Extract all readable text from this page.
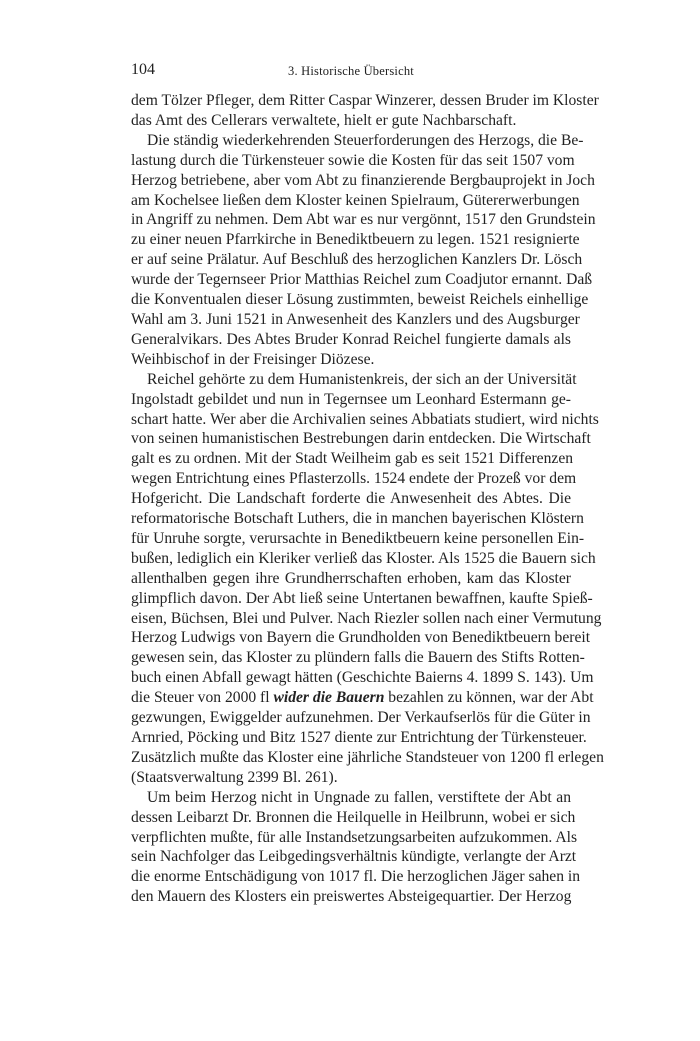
104	3. Historische Übersicht
dem Tölzer Pfleger, dem Ritter Caspar Winzerer, dessen Bruder im Kloster
das Amt des Cellerars verwaltete, hielt er gute Nachbarschaft.
Die ständig wiederkehrenden Steuerforderungen des Herzogs, die Be-
lastung durch die Türkensteuer sowie die Kosten für das seit 1507 vom
Herzog betriebene, aber vom Abt zu finanzierende Bergbauprojekt in Joch
am Kochelsee ließen dem Kloster keinen Spielraum, Gütererwerbungen
in Angriff zu nehmen. Dem Abt war es nur vergönnt, 1517 den Grundstein
zu einer neuen Pfarrkirche in Benediktbeuern zu legen. 1521 resignierte
er auf seine Prälatur. Auf Beschluß des herzoglichen Kanzlers Dr. Lösch
wurde der Tegernseer Prior Matthias Reichel zum Coadjutor ernannt. Daß
die Konventualen dieser Lösung zustimmten, beweist Reichels einhellige
Wahl am 3. Juni 1521 in Anwesenheit des Kanzlers und des Augsburger
Generalvikars. Des Abtes Bruder Konrad Reichel fungierte damals als
Weihbischof in der Freisinger Diözese.
Reichel gehörte zu dem Humanistenkreis, der sich an der Universität
Ingolstadt gebildet und nun in Tegernsee um Leonhard Estermann ge-
schart hatte. Wer aber die Archivalien seines Abbatiats studiert, wird nichts
von seinen humanistischen Bestrebungen darin entdecken. Die Wirtschaft
galt es zu ordnen. Mit der Stadt Weilheim gab es seit 1521 Differenzen
wegen Entrichtung eines Pflasterzolls. 1524 endete der Prozeß vor dem
Hofgericht. Die Landschaft forderte die Anwesenheit des Abtes. Die
reformatorische Botschaft Luthers, die in manchen bayerischen Klöstern
für Unruhe sorgte, verursachte in Benediktbeuern keine personellen Ein-
bußen, lediglich ein Kleriker verließ das Kloster. Als 1525 die Bauern sich
allenthalben gegen ihre Grundherrschaften erhoben, kam das Kloster
glimpflich davon. Der Abt ließ seine Untertanen bewaffnen, kaufte Spieß-
eisen, Büchsen, Blei und Pulver. Nach Riezler sollen nach einer Vermutung
Herzog Ludwigs von Bayern die Grundholden von Benediktbeuern bereit
gewesen sein, das Kloster zu plündern falls die Bauern des Stifts Rotten-
buch einen Abfall gewagt hätten (Geschichte Baierns 4. 1899 S. 143). Um
die Steuer von 2000 fl wider die Bauern bezahlen zu können, war der Abt
gezwungen, Ewiggelder aufzunehmen. Der Verkaufserlös für die Güter in
Arnried, Pöcking und Bitz 1527 diente zur Entrichtung der Türkensteuer.
Zusätzlich mußte das Kloster eine jährliche Standsteuer von 1200 fl erlegen
(Staatsverwaltung 2399 Bl. 261).
Um beim Herzog nicht in Ungnade zu fallen, verstiftete der Abt an
dessen Leibarzt Dr. Bronnen die Heilquelle in Heilbrunn, wobei er sich
verpflichten mußte, für alle Instandsetzungsarbeiten aufzukommen. Als
sein Nachfolger das Leibgedingsverhältnis kündigte, verlangte der Arzt
die enorme Entschädigung von 1017 fl. Die herzoglichen Jäger sahen in
den Mauern des Klosters ein preiswertes Absteigequartier. Der Herzog
